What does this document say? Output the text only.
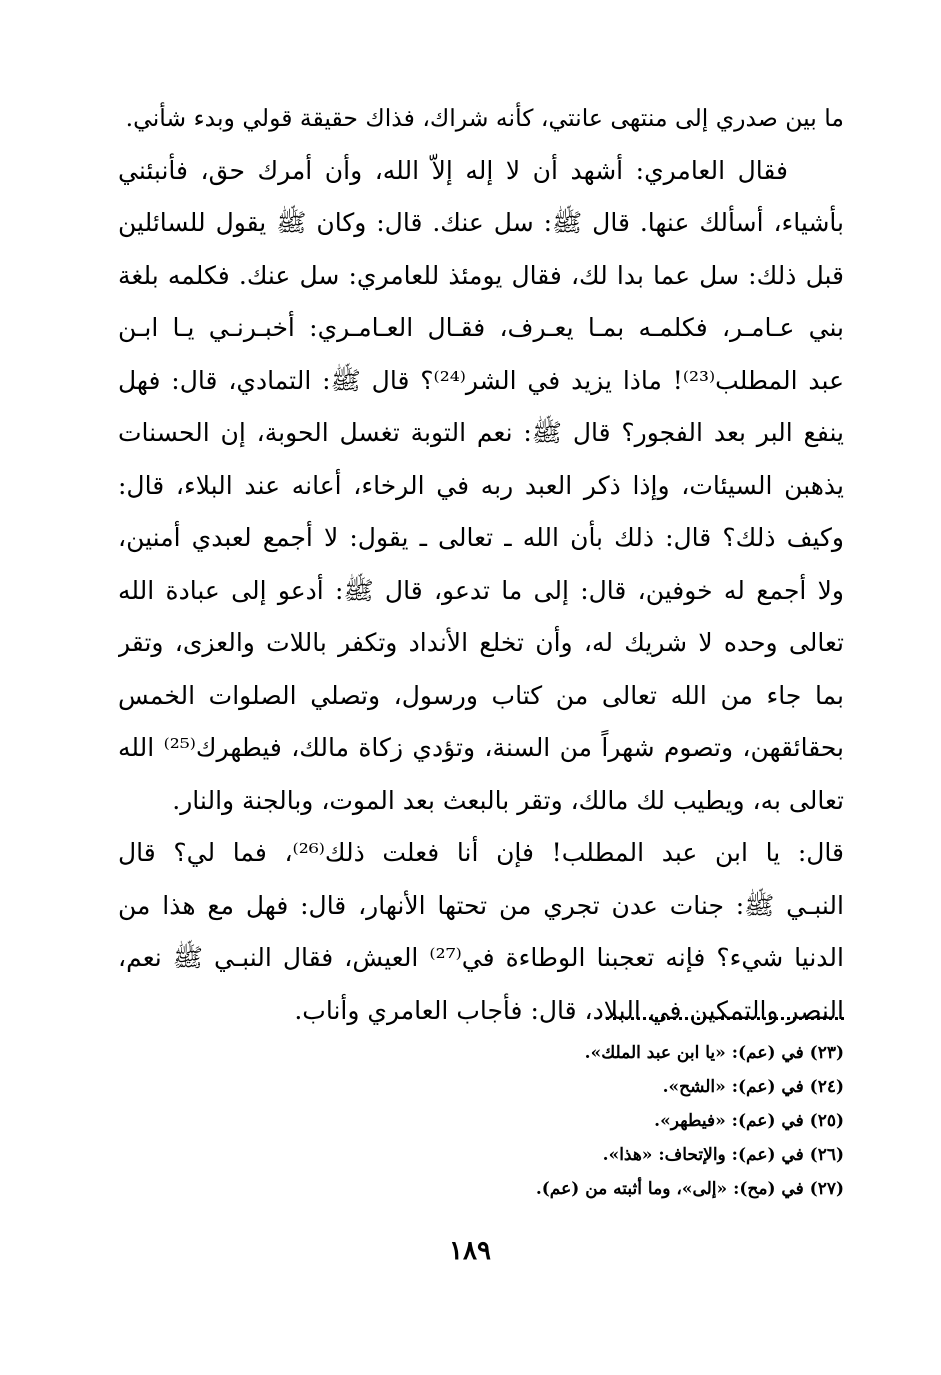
ما بين صدري إلى منتهى عانتي، كأنه شراك، فذاك حقيقة قولي وبدء شأني.
فقال العامري: أشهد أن لا إله إلاّ الله، وأن أمرك حق، فأنبئني
بأشياء، أسألك عنها. قال ﷺ: سل عنك. قال: وكان ﷺ يقول للسائلين
قبل ذلك: سل عما بدا لك، فقال يومئذ للعامري: سل عنك. فكلمه بلغة
بني عـامـر، فكلمـه بمـا يعـرف، فقـال العـامـري: أخبـرنـي يـا ابـن
عبد المطلب⁽²³⁾! ماذا يزيد في الشر⁽²⁴⁾؟ قال ﷺ: التمادي، قال: فهل
ينفع البر بعد الفجور؟ قال ﷺ: نعم التوبة تغسل الحوبة، إن الحسنات
يذهبن السيئات، وإذا ذكر العبد ربه في الرخاء، أعانه عند البلاء، قال:
وكيف ذلك؟ قال: ذلك بأن الله ـ تعالى ـ يقول: لا أجمع لعبدي أمنين،
ولا أجمع له خوفين، قال: إلى ما تدعو، قال ﷺ: أدعو إلى عبادة الله
تعالى وحده لا شريك له، وأن تخلع الأنداد وتكفر باللات والعزى، وتقر
بما جاء من الله تعالى من كتاب ورسول، وتصلي الصلوات الخمس
بحقائقهن، وتصوم شهراً من السنة، وتؤدي زكاة مالك، فيطهرك⁽²⁵⁾ الله
تعالى به، ويطيب لك مالك، وتقر بالبعث بعد الموت، وبالجنة والنار.
قال: يا ابن عبد المطلب! فإن أنا فعلت ذلك⁽²⁶⁾، فما لي؟ قال
النبـي ﷺ: جنات عدن تجري من تحتها الأنهار، قال: فهل مع هذا من
الدنيا شيء؟ فإنه تعجبنا الوطاءة في⁽²⁷⁾ العيش، فقال النبـي ﷺ نعم،
النصر والتمكين في البلاد، قال: فأجاب العامري وأناب.
(٢٣) في (عم): «يا ابن عبد الملك».
(٢٤) في (عم): «الشح».
(٢٥) في (عم): «فيطهر».
(٢٦) في (عم): والإتحاف: «هذا».
(٢٧) في (مح): «إلى»، وما أثبته من (عم).
١٨٩
